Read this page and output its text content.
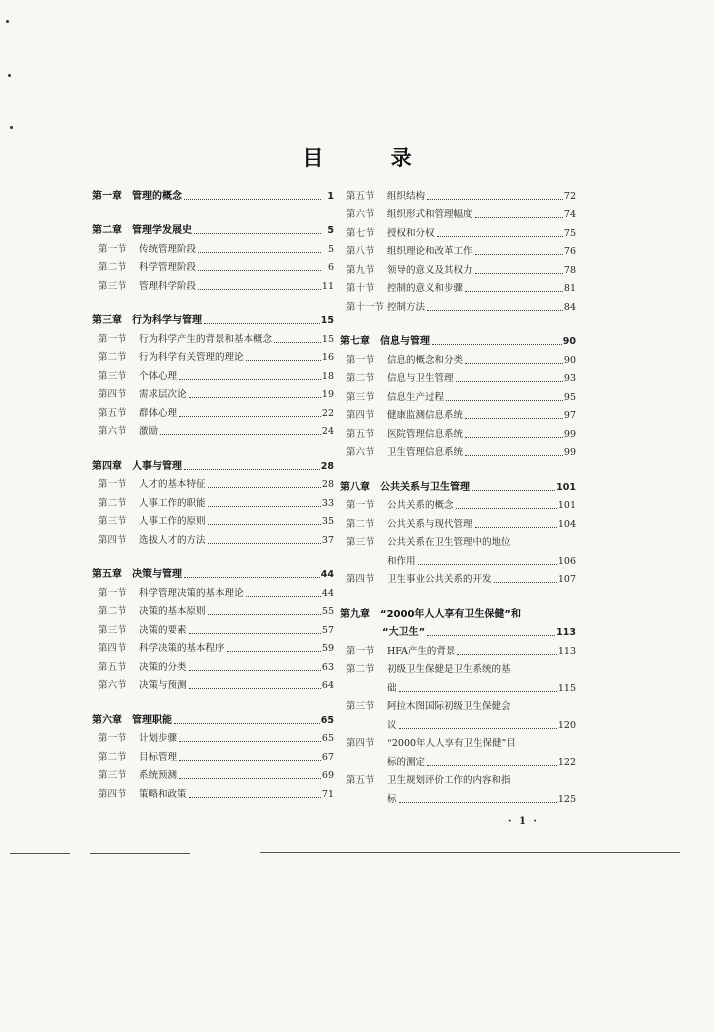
目 录
第一章 管理的概念	1
第二章 管理学发展史	5
第一节	传统管理阶段	5
第二节	科学管理阶段	6
第三节	管理科学阶段	11
第三章 行为科学与管理	15
第一节	行为科学产生的背景和基本概念	15
第二节	行为科学有关管理的理论	16
第三节	个体心理	18
第四节	需求层次论	19
第五节	群体心理	22
第六节	激励	24
第四章 人事与管理	28
第一节	人才的基本特征	28
第二节	人事工作的职能	33
第三节	人事工作的原则	35
第四节	选拔人才的方法	37
第五章 决策与管理	44
第一节	科学管理决策的基本理论	44
第二节	决策的基本原则	55
第三节	决策的要素	57
第四节	科学决策的基本程序	59
第五节	决策的分类	63
第六节	决策与预测	64
第六章 管理职能	65
第一节	计划步骤	65
第二节	目标管理	67
第三节	系统预测	69
第四节	策略和政策	71
第五节	组织结构	72
第六节	组织形式和管理幅度	74
第七节	授权和分权	75
第八节	组织理论和改革工作	76
第九节	领导的意义及其权力	78
第十节	控制的意义和步骤	81
第十一节 控制方法	84
第七章 信息与管理	90
第一节	信息的概念和分类	90
第二节	信息与卫生管理	93
第三节	信息生产过程	95
第四节	健康监测信息系统	97
第五节	医院管理信息系统	99
第六节	卫生管理信息系统	99
第八章 公共关系与卫生管理	101
第一节	公共关系的概念	101
第二节	公共关系与现代管理	104
第三节	公共关系在卫生管理中的地位
和作用	106
第四节	卫生事业公共关系的开发	107
第九章 “2000年人人享有卫生保健”和
“大卫生”	113
第一节	HFA产生的背景	113
第二节	初级卫生保健是卫生系统的基
础	115
第三节	阿拉木图国际初级卫生保健会
议	120
第四节	“2000年人人享有卫生保健”目
标的测定	122
第五节	卫生规划评价工作的内容和指
标	125
· 1 ·
